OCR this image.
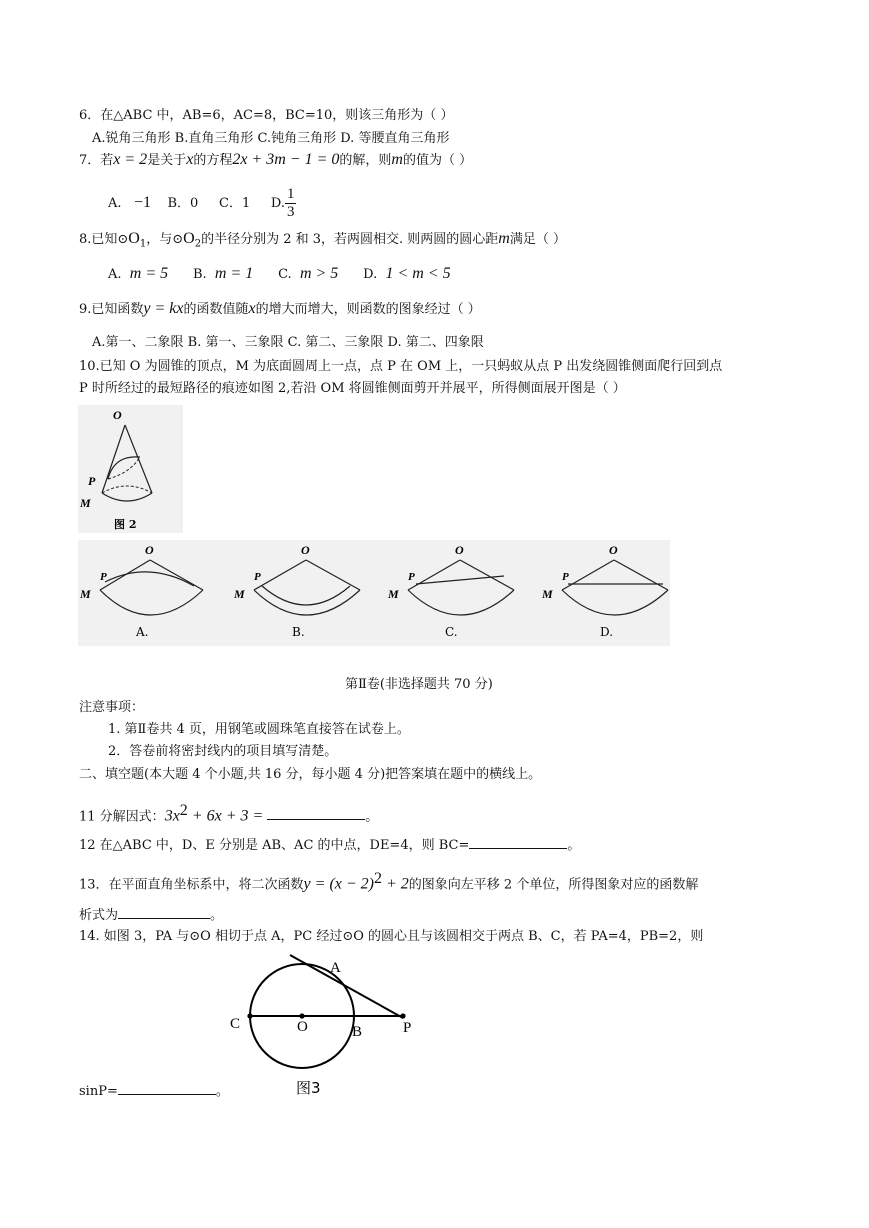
6．在△ABC 中，AB=6，AC=8，BC=10，则该三角形为（ ）
A.锐角三角形 B.直角三角形 C.钝角三角形 D. 等腰直角三角形
7．若x = 2是关于x的方程2x + 3m − 1 = 0的解，则m的值为（ ）
A. −1 B．0 C．1 D. $\frac{1}{3}$
8.已知$⊙O_1$，与$⊙O_2$的半径分别为 2 和 3，若两圆相交. 则两圆的圆心距m满足（ ）
A. m = 5 B. m = 1 C. m > 5 D. 1 < m < 5
9.已知函数y = kx的函数值随x的增大而增大，则函数的图象经过（ ）
A.第一、二象限 B. 第一、三象限 C. 第二、三象限 D. 第二、四象限
10.已知 O 为圆锥的顶点，M 为底面圆周上一点，点 P 在 OM 上，一只蚂蚁从点 P 出发绕圆锥侧面爬行回到点
P 时所经过的最短路径的痕迹如图 2,若沿 OM 将圆锥侧面剪开并展平，所得侧面展开图是（ ）
O
P
M
图 2
O
P
M
A.
O
P
M
B.
O
P
M
C.
O
P
M
D.
第Ⅱ卷(非选择题共 70 分)
注意事项：
1. 第Ⅱ卷共 4 页，用钢笔或圆珠笔直接答在试卷上。
2．答卷前将密封线内的项目填写清楚。
二、填空题(本大题 4 个小题,共 16 分，每小题 4 分)把答案填在题中的横线上。
11 分解因式：$3x^2 + 6x + 3$ =	。
12 在△ABC 中，D、E 分别是 AB、AC 的中点，DE=4，则 BC=	。
13．在平面直角坐标系中，将二次函数$y = (x - 2)^2 + 2$的图象向左平移 2 个单位，所得图象对应的函数解
析式为	。
14. 如图 3，PA 与⊙O 相切于点 A，PC 经过⊙O 的圆心且与该圆相交于两点 B、C，若 PA=4，PB=2，则
A
C	O	B	P
图3
sinP=	。
